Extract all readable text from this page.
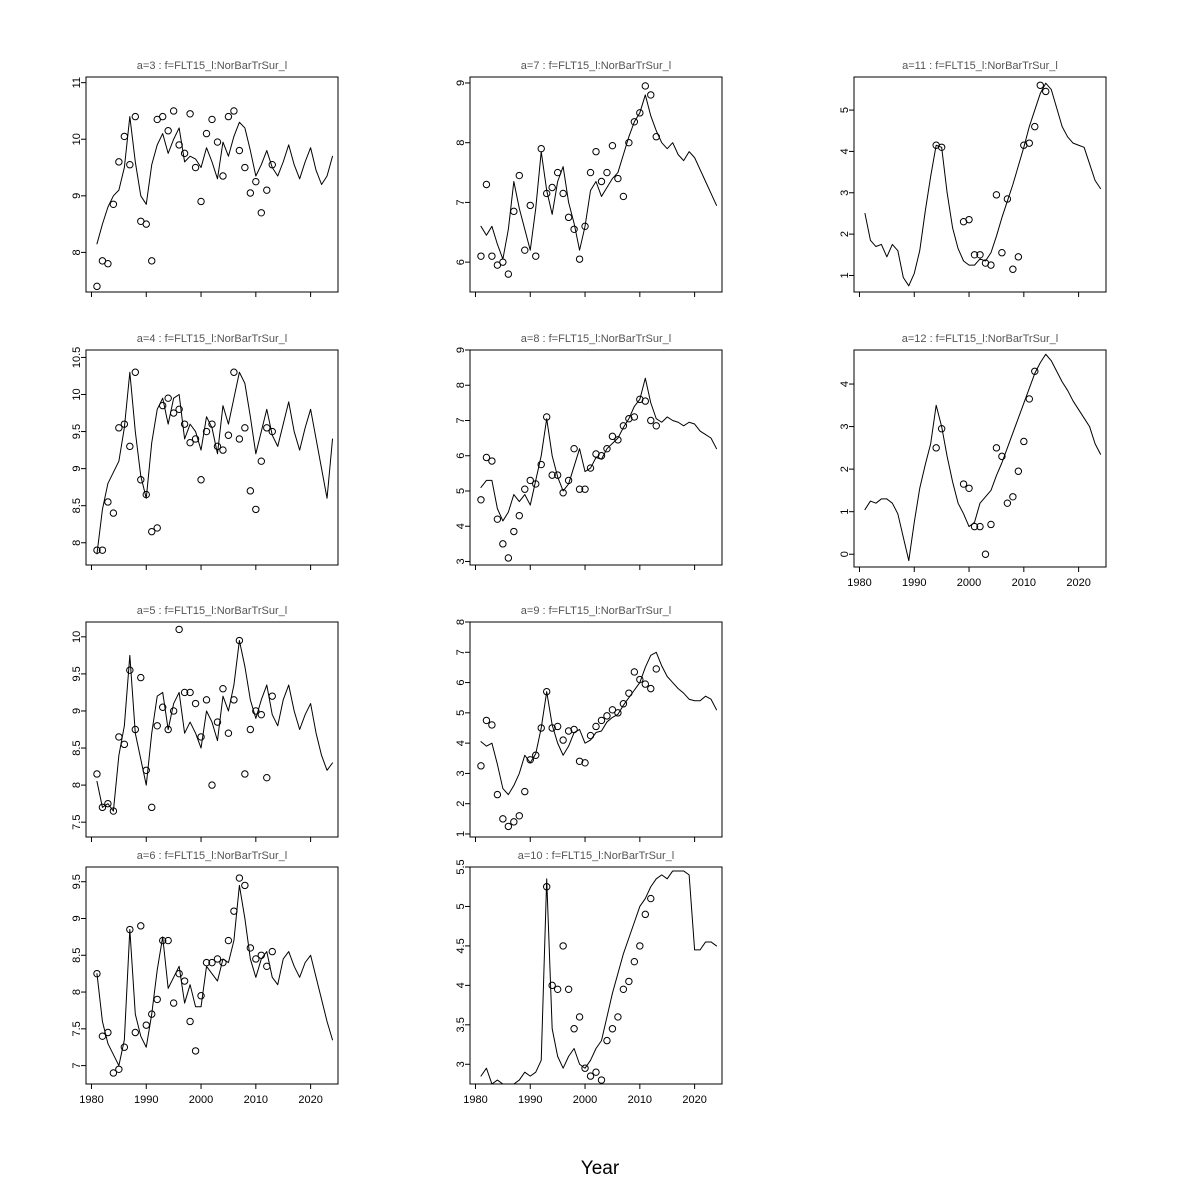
8
9
10
11
a=3 : f=FLT15_l:NorBarTrSur_l
6
7
8
9
a=7 : f=FLT15_l:NorBarTrSur_l
1
2
3
4
5
a=11 : f=FLT15_l:NorBarTrSur_l
8
8.5
9
9.5
10
10.5
a=4 : f=FLT15_l:NorBarTrSur_l
3
4
5
6
7
8
9
a=8 : f=FLT15_l:NorBarTrSur_l
0
1
2
3
4
1980	1990	2000	2010	2020
a=12 : f=FLT15_l:NorBarTrSur_l
7.5
8
8.5
9
9.5
10
a=5 : f=FLT15_l:NorBarTrSur_l
1
2
3
4
5
6
7
8
a=9 : f=FLT15_l:NorBarTrSur_l
3
3.5
4
4.5
5
5.5
1980	1990	2000	2010	2020
a=10 : f=FLT15_l:NorBarTrSur_l
7
7.5
8
8.5
9
9.5
1980	1990	2000	2010	2020
a=6 : f=FLT15_l:NorBarTrSur_l
Year
